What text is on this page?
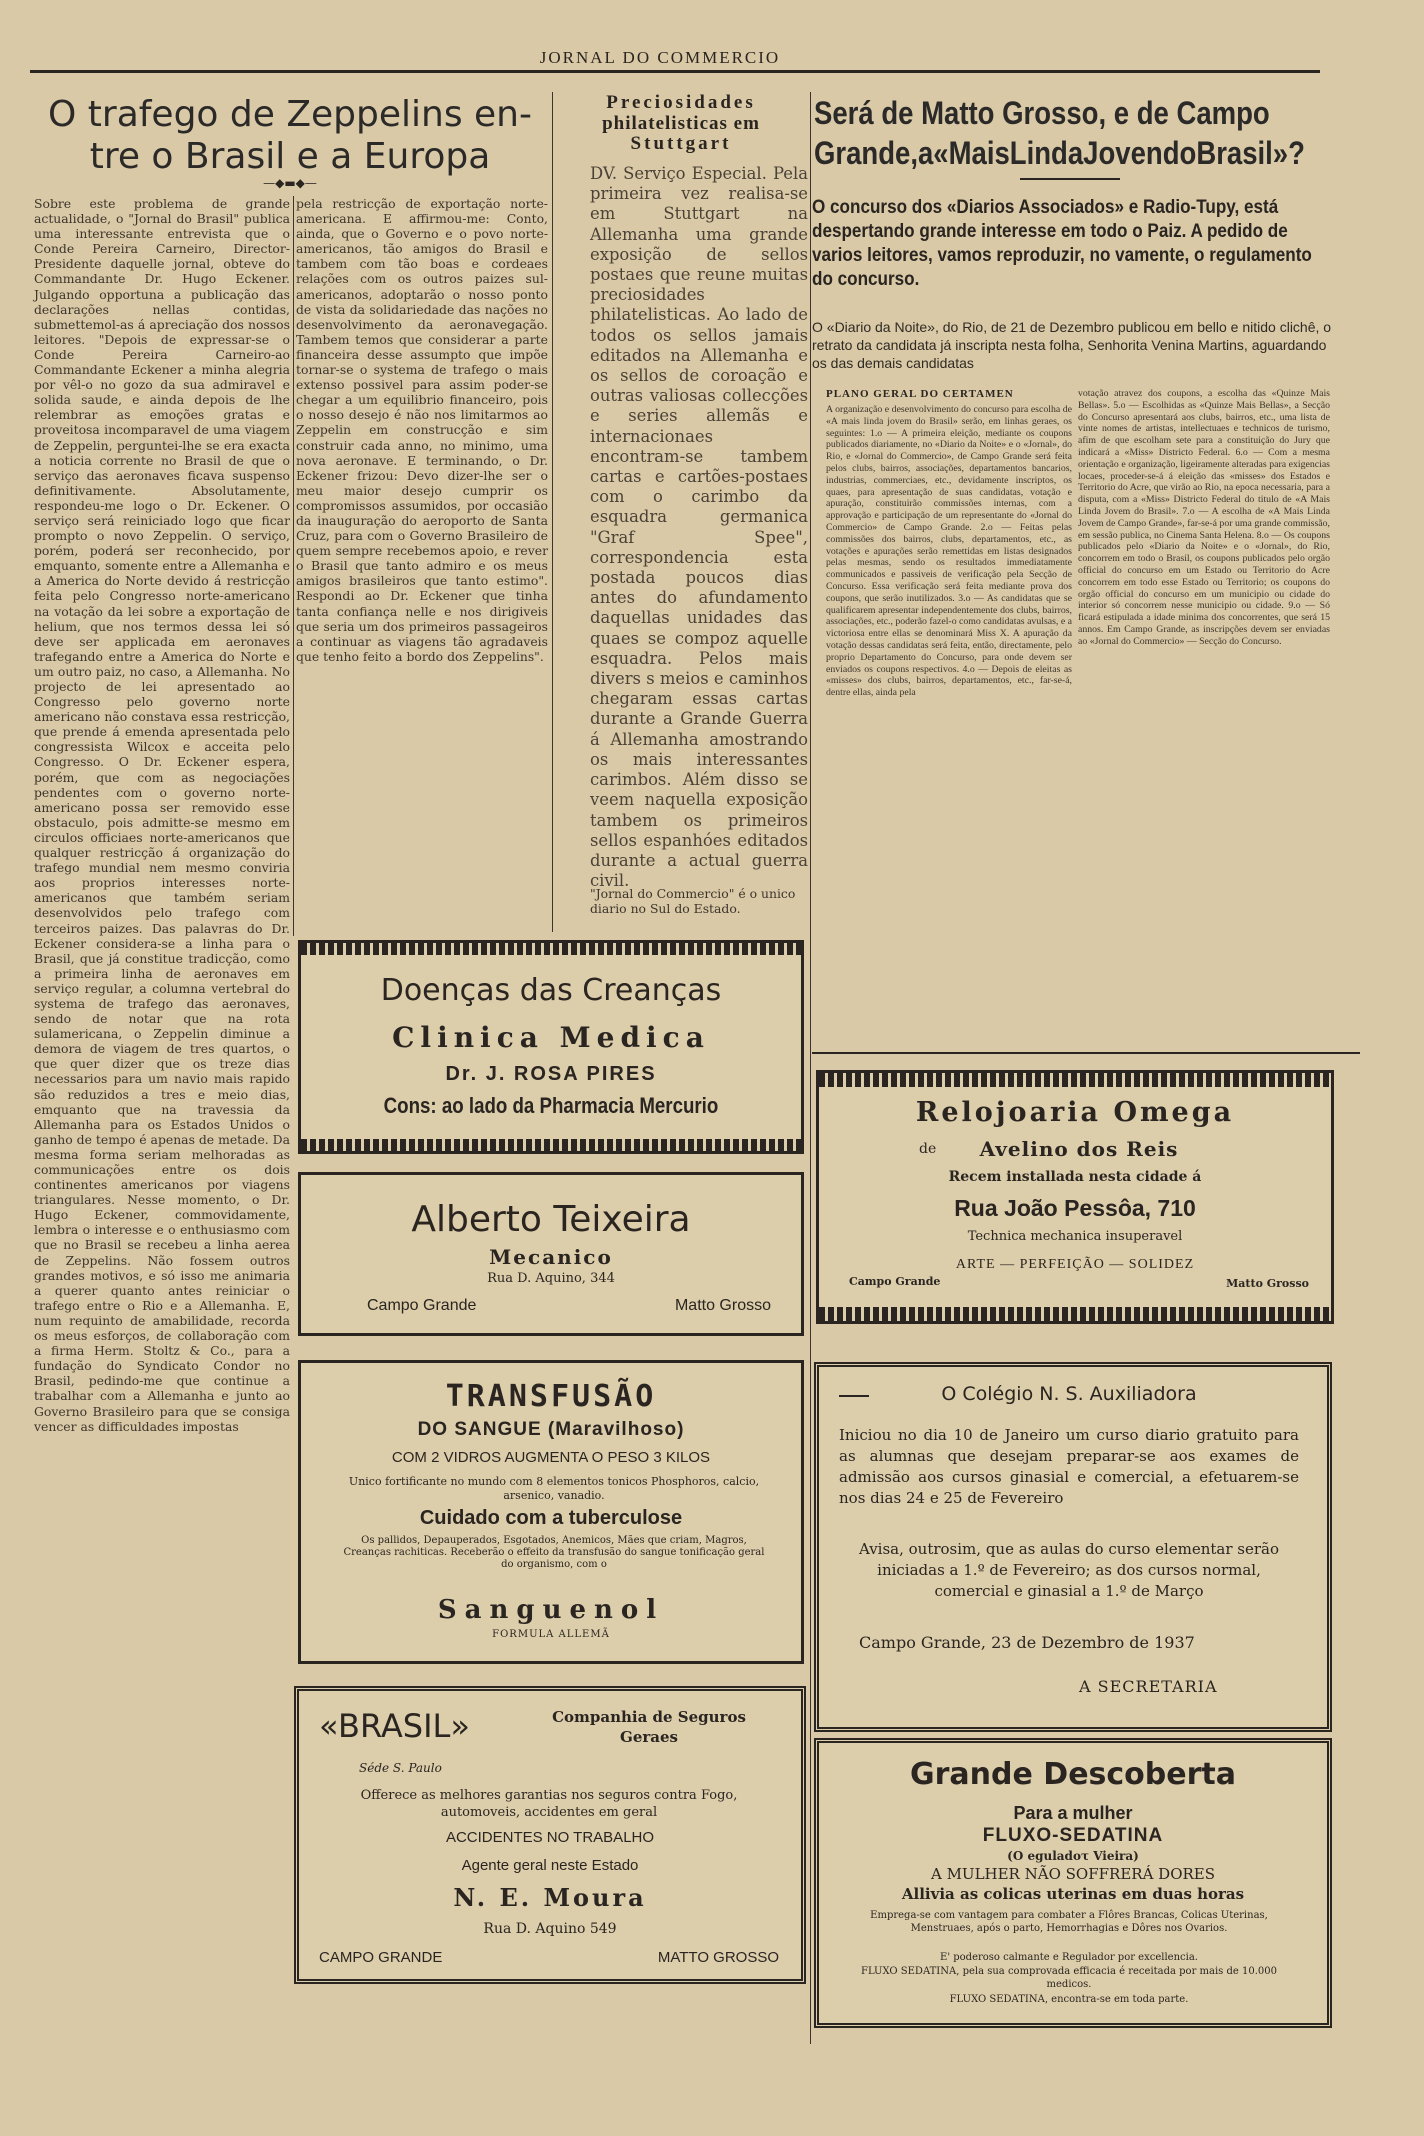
JORNAL DO COMMERCIO
O trafego de Zeppelins en-
tre o Brasil e a Europa
—◆▬◆—
Sobre este problema de grande actualidade, o "Jornal do Brasil" publica uma interessante entrevista que o Conde Pereira Carneiro, Director-Presidente daquelle jornal, obteve do Commandante Dr. Hugo Eckener. Julgando opportuna a publicação das declarações nellas contidas, submettemol-as á apreciação dos nossos leitores. "Depois de expressar-se o Conde Pereira Carneiro-ao Commandante Eckener a minha alegria por vêl-o no gozo da sua admiravel e solida saude, e ainda depois de lhe relembrar as emoções gratas e proveitosa incomparavel de uma viagem de Zeppelin, perguntei-lhe se era exacta a noticia corrente no Brasil de que o serviço das aeronaves ficava suspenso definitivamente. Absolutamente, respondeu-me logo o Dr. Eckener. O serviço será reiniciado logo que ficar prompto o novo Zeppelin. O serviço, porém, poderá ser reconhecido, por emquanto, somente entre a Allemanha e a America do Norte devido á restricção feita pelo Congresso norte-americano na votação da lei sobre a exportação de helium, que nos termos dessa lei só deve ser applicada em aeronaves trafegando entre a America do Norte e um outro paiz, no caso, a Allemanha. No projecto de lei apresentado ao Congresso pelo governo norte americano não constava essa restricção, que prende á emenda apresentada pelo congressista Wilcox e acceita pelo Congresso. O Dr. Eckener espera, porém, que com as negociações pendentes com o governo norte-americano possa ser removido esse obstaculo, pois admitte-se mesmo em circulos officiaes norte-americanos que qualquer restricção á organização do trafego mundial nem mesmo conviria aos proprios interesses norte-americanos que também seriam desenvolvidos pelo trafego com terceiros paizes. Das palavras do Dr. Eckener considera-se a linha para o Brasil, que já constitue tradicção, como a primeira linha de aeronaves em serviço regular, a columna vertebral do systema de trafego das aeronaves, sendo de notar que na rota sulamericana, o Zeppelin diminue a demora de viagem de tres quartos, o que quer dizer que os treze dias necessarios para um navio mais rapido são reduzidos a tres e meio dias, emquanto que na travessia da Allemanha para os Estados Unidos o ganho de tempo é apenas de metade. Da mesma forma seriam melhoradas as communicações entre os dois continentes americanos por viagens triangulares. Nesse momento, o Dr. Hugo Eckener, commovidamente, lembra o interesse e o enthusiasmo com que no Brasil se recebeu a linha aerea de Zeppelins. Não fossem outros grandes motivos, e só isso me animaria a querer quanto antes reiniciar o trafego entre o Rio e a Allemanha. E, num requinto de amabilidade, recorda os meus esforços, de collaboração com a firma Herm. Stoltz & Co., para a fundação do Syndicato Condor no Brasil, pedindo-me que continue a trabalhar com a Allemanha e junto ao Governo Brasileiro para que se consiga vencer as difficuldades impostas
pela restricção de exportação norte-americana. E affirmou-me: Conto, ainda, que o Governo e o povo norte-americanos, tão amigos do Brasil e tambem com tão boas e cordeaes relações com os outros paizes sul-americanos, adoptarão o nosso ponto de vista da solidariedade das nações no desenvolvimento da aeronavegação. Tambem temos que considerar a parte financeira desse assumpto que impõe tornar-se o systema de trafego o mais extenso possivel para assim poder-se chegar a um equilibrio financeiro, pois o nosso desejo é não nos limitarmos ao Zeppelin em construcção e sim construir cada anno, no minimo, uma nova aeronave. E terminando, o Dr. Eckener frizou: Devo dizer-lhe ser o meu maior desejo cumprir os compromissos assumidos, por occasião da inauguração do aeroporto de Santa Cruz, para com o Governo Brasileiro de quem sempre recebemos apoio, e rever o Brasil que tanto admiro e os meus amigos brasileiros que tanto estimo". Respondi ao Dr. Eckener que tinha tanta confiança nelle e nos dirigiveis que seria um dos primeiros passageiros a continuar as viagens tão agradaveis que tenho feito a bordo dos Zeppelins".
Preciosidades
philatelisticas em
Stuttgart
DV. Serviço Especial. Pela primeira vez realisa-se em Stuttgart na Allemanha uma grande exposição de sellos postaes que reune muitas preciosidades philatelisticas. Ao lado de todos os sellos jamais editados na Allemanha e os sellos de coroação e outras valiosas collecções e series allemãs e internacionaes encontram-se tambem cartas e cartões-postaes com o carimbo da esquadra germanica "Graf Spee", correspondencia esta postada poucos dias antes do afundamento daquellas unidades das quaes se compoz aquelle esquadra. Pelos mais divers s meios e caminhos chegaram essas cartas durante a Grande Guerra á Allemanha amostrando os mais interessantes carimbos. Além disso se veem naquella exposição tambem os primeiros sellos espanhóes editados durante a actual guerra civil.
"Jornal do Commercio" é o unico diario no Sul do Estado.
Será de Matto Grosso, e de Campo
Grande,a«MaisLindaJovendoBrasil»?
O concurso dos «Diarios Associados» e Radio-Tupy, está despertando grande interesse em todo o Paiz. A pedido de varios leitores, vamos reproduzir, no vamente, o regulamento do concurso.
O «Diario da Noite», do Rio, de 21 de Dezembro publicou em bello e nitido clichê, o retrato da candidata já inscripta nesta folha, Senhorita Venina Martins, aguardando os das demais candidatas
PLANO GERAL DO CERTAMEN
A organização e desenvolvimento do concurso para escolha de «A mais linda jovem do Brasil» serão, em linhas geraes, os seguintes: 1.o — A primeira eleição, mediante os coupons publicados diariamente, no «Diario da Noite» e o «Jornal», do Rio, e «Jornal do Commercio», de Campo Grande será feita pelos clubs, bairros, associações, departamentos bancarios, industrias, commerciaes, etc., devidamente inscriptos, os quaes, para apresentação de suas candidatas, votação e apuração, constituirão commissões internas, com a approvação e participação de um representante do «Jornal do Commercio» de Campo Grande. 2.o — Feitas pelas commissões dos bairros, clubs, departamentos, etc., as votações e apurações serão remettidas em listas designados pelas mesmas, sendo os resultados immediatamente communicados e passiveis de verificação pela Secção de Concurso. Essa verificação será feita mediante prova dos coupons, que serão inutilizados. 3.o — As candidatas que se qualificarem apresentar independentemente dos clubs, bairros, associações, etc., poderão fazel-o como candidatas avulsas, e a victoriosa entre ellas se denominará Miss X. A apuração da votação dessas candidatas será feita, então, directamente, pelo proprio Departamento do Concurso, para onde devem ser enviados os coupons respectivos. 4.o — Depois de eleitas as «misses» dos clubs, bairros, departamentos, etc., far-se-á, dentre ellas, ainda pela
votação atravez dos coupons, a escolha das «Quinze Mais Bellas». 5.o — Escolhidas as «Quinze Mais Bellas», a Secção do Concurso apresentará aos clubs, bairros, etc., uma lista de vinte nomes de artistas, intellectuaes e technicos de turismo, afim de que escolham sete para a constituição do Jury que indicará a «Miss» Districto Federal. 6.o — Com a mesma orientação e organização, ligeiramente alteradas para exigencias locaes, proceder-se-á á eleição das «misses» dos Estados e Territorio do Acre, que virão ao Rio, na epoca necessaria, para a disputa, com a «Miss» Districto Federal do titulo de «A Mais Linda Jovem do Brasil». 7.o — A escolha de «A Mais Linda Jovem de Campo Grande», far-se-á por uma grande commissão, em sessão publica, no Cinema Santa Helena. 8.o — Os coupons publicados pelo «Diario da Noite» e o «Jornal», do Rio, concorrem em todo o Brasil, os coupons publicados pelo orgão official do concurso em um Estado ou Territorio do Acre concorrem em todo esse Estado ou Territorio; os coupons do orgão official do concurso em um municipio ou cidade do interior só concorrem nesse municipio ou cidade. 9.o — Só ficará estipulada a idade minima dos concorrentes, que será 15 annos. Em Campo Grande, as inscripções devem ser enviadas ao «Jornal do Commercio» — Secção do Concurso.
Doenças das Creanças
Clinica Medica
Dr. J. ROSA PIRES
Cons: ao lado da Pharmacia Mercurio
Alberto Teixeira
Mecanico
Rua D. Aquino, 344
Campo Grande	Matto Grosso
TRANSFUSÃO
DO SANGUE (Maravilhoso)
COM 2 VIDROS AUGMENTA O PESO 3 KILOS
Unico fortificante no mundo com 8 elementos tonicos Phosphoros, calcio, arsenico, vanadio.
Cuidado com a tuberculose
Os pallidos, Depauperados, Esgotados, Anemicos, Mães que criam, Magros, Creanças rachiticas. Receberão o effeito da transfusão do sangue tonificação geral do organismo, com o
Sanguenol
FORMULA ALLEMÃ
«BRASIL»	Companhia de Seguros Geraes
Séde S. Paulo
Offerece as melhores garantias nos seguros contra Fogo, automoveis, accidentes em geral
ACCIDENTES NO TRABALHO
Agente geral neste Estado
N. E. Moura
Rua D. Aquino 549
CAMPO GRANDE	MATTO GROSSO
Relojoaria Omega
de	Avelino dos Reis
Recem installada nesta cidade á
Rua João Pessôa, 710
Technica mechanica insuperavel
ARTE — PERFEIÇÃO — SOLIDEZ
Campo Grande	Matto Grosso
O Colégio N. S. Auxiliadora
Iniciou no dia 10 de Janeiro um curso diario gratuito para as alumnas que desejam preparar-se aos exames de admissão aos cursos ginasial e comercial, a efetuarem-se nos dias 24 e 25 de Fevereiro
Avisa, outrosim, que as aulas do curso elementar serão iniciadas a 1.º de Fevereiro; as dos cursos normal, comercial e ginasial a 1.º de Março
Campo Grande, 23 de Dezembro de 1937
A SECRETARIA
Grande Descoberta
Para a mulher
FLUXO-SEDATINA
(O eguladoτ Vieira)
A MULHER NÃO SOFFRERÁ DORES
Allivia as colicas uterinas em duas horas
Emprega-se com vantagem para combater a Flôres Brancas, Colicas Uterinas, Menstruaes, após o parto, Hemorrhagias e Dôres nos Ovarios.
E' poderoso calmante e Regulador por excellencia.
FLUXO SEDATINA, pela sua comprovada efficacia é receitada por mais de 10.000 medicos.
FLUXO SEDATINA, encontra-se em toda parte.
